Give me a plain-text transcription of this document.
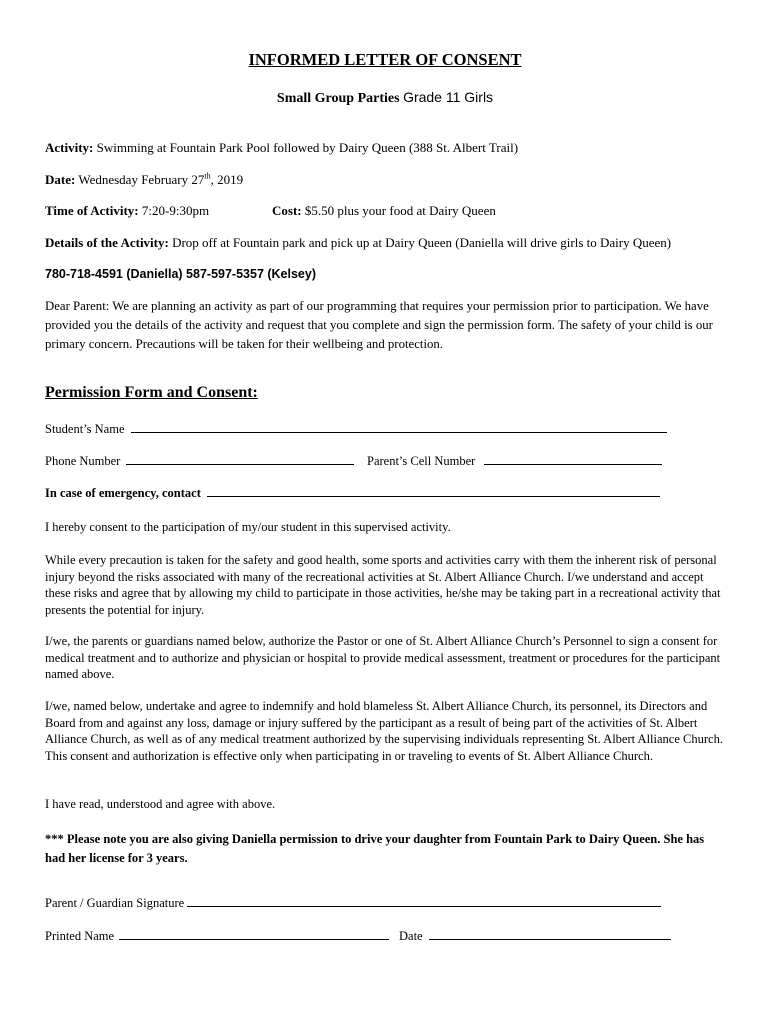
INFORMED LETTER OF CONSENT
Small Group Parties Grade 11 Girls
Activity: Swimming at Fountain Park Pool followed by Dairy Queen (388 St. Albert Trail)
Date: Wednesday February 27th, 2019
Time of Activity: 7:20-9:30pm	Cost: $5.50 plus your food at Dairy Queen
Details of the Activity: Drop off at Fountain park and pick up at Dairy Queen (Daniella will drive girls to Dairy Queen)
780-718-4591 (Daniella) 587-597-5357 (Kelsey)
Dear Parent: We are planning an activity as part of our programming that requires your permission prior to participation. We have provided you the details of the activity and request that you complete and sign the permission form. The safety of your child is our primary concern. Precautions will be taken for their wellbeing and protection.
Permission Form and Consent:
Student’s Name
Phone Number	Parent’s Cell Number
In case of emergency, contact
I hereby consent to the participation of my/our student in this supervised activity.
While every precaution is taken for the safety and good health, some sports and activities carry with them the inherent risk of personal injury beyond the risks associated with many of the recreational activities at St. Albert Alliance Church. I/we understand and accept these risks and agree that by allowing my child to participate in those activities, he/she may be taking part in a recreational activity that presents the potential for injury.
I/we, the parents or guardians named below, authorize the Pastor or one of St. Albert Alliance Church’s Personnel to sign a consent for medical treatment and to authorize and physician or hospital to provide medical assessment, treatment or procedures for the participant named above.
I/we, named below, undertake and agree to indemnify and hold blameless St. Albert Alliance Church, its personnel, its Directors and Board from and against any loss, damage or injury suffered by the participant as a result of being part of the activities of St. Albert Alliance Church, as well as of any medical treatment authorized by the supervising individuals representing St. Albert Alliance Church. This consent and authorization is effective only when participating in or traveling to events of St. Albert Alliance Church.
I have read, understood and agree with above.
*** Please note you are also giving Daniella permission to drive your daughter from Fountain Park to Dairy Queen. She has had her license for 3 years.
Parent / Guardian Signature
Printed Name	Date
